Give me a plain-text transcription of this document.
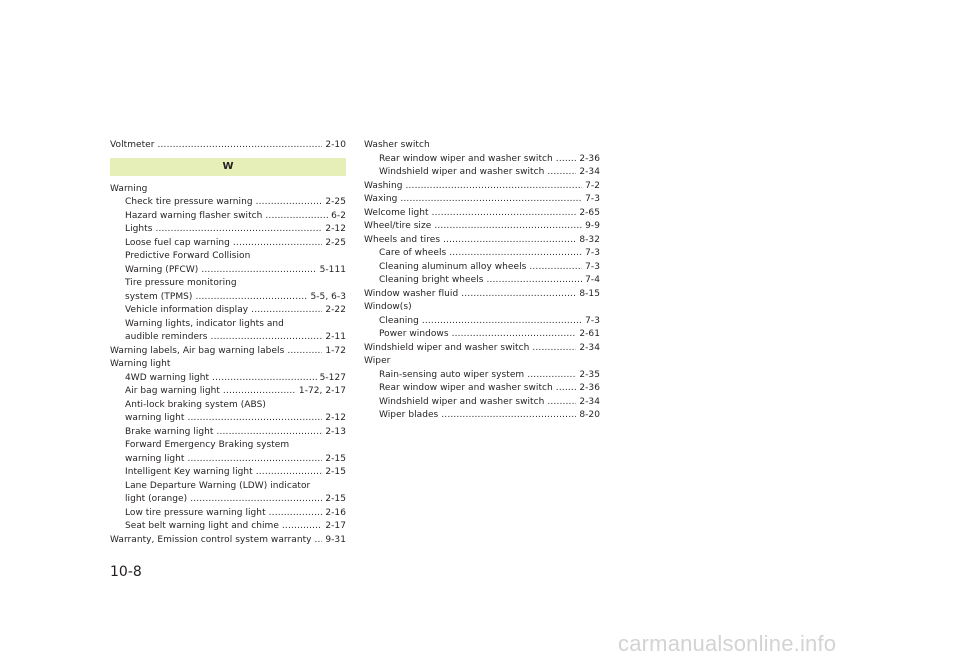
Voltmeter . . .	2-10
W
Warning
Check tire pressure warning . . .	2-25
Hazard warning flasher switch . . .	6-2
Lights . . .	2-12
Loose fuel cap warning . . .	2-25
Predictive Forward Collision
Warning (PFCW) . . .	5-111
Tire pressure monitoring
system (TPMS) . . .	5-5, 6-3
Vehicle information display . . .	2-22
Warning lights, indicator lights and
audible reminders . . .	2-11
Warning labels, Air bag warning labels . . .	1-72
Warning light
4WD warning light . . .	5-127
Air bag warning light . . .	1-72, 2-17
Anti-lock braking system (ABS)
warning light . . .	2-12
Brake warning light . . .	2-13
Forward Emergency Braking system
warning light . . .	2-15
Intelligent Key warning light . . .	2-15
Lane Departure Warning (LDW) indicator
light (orange) . . .	2-15
Low tire pressure warning light . . .	2-16
Seat belt warning light and chime . . .	2-17
Warranty, Emission control system warranty . . . 9-31
Washer switch
Rear window wiper and washer switch . . .	2-36
Windshield wiper and washer switch . . .	2-34
Washing . . .	7-2
Waxing . . .	7-3
Welcome light . . .	2-65
Wheel/tire size . . .	9-9
Wheels and tires . . .	8-32
Care of wheels . . .	7-3
Cleaning aluminum alloy wheels . . .	7-3
Cleaning bright wheels . . .	7-4
Window washer fluid . . .	8-15
Window(s)
Cleaning . . .	7-3
Power windows . . .	2-61
Windshield wiper and washer switch . . .	2-34
Wiper
Rain-sensing auto wiper system . . .	2-35
Rear window wiper and washer switch . . .	2-36
Windshield wiper and washer switch . . .	2-34
Wiper blades . . .	8-20
10-8
carmanualsonline.info
